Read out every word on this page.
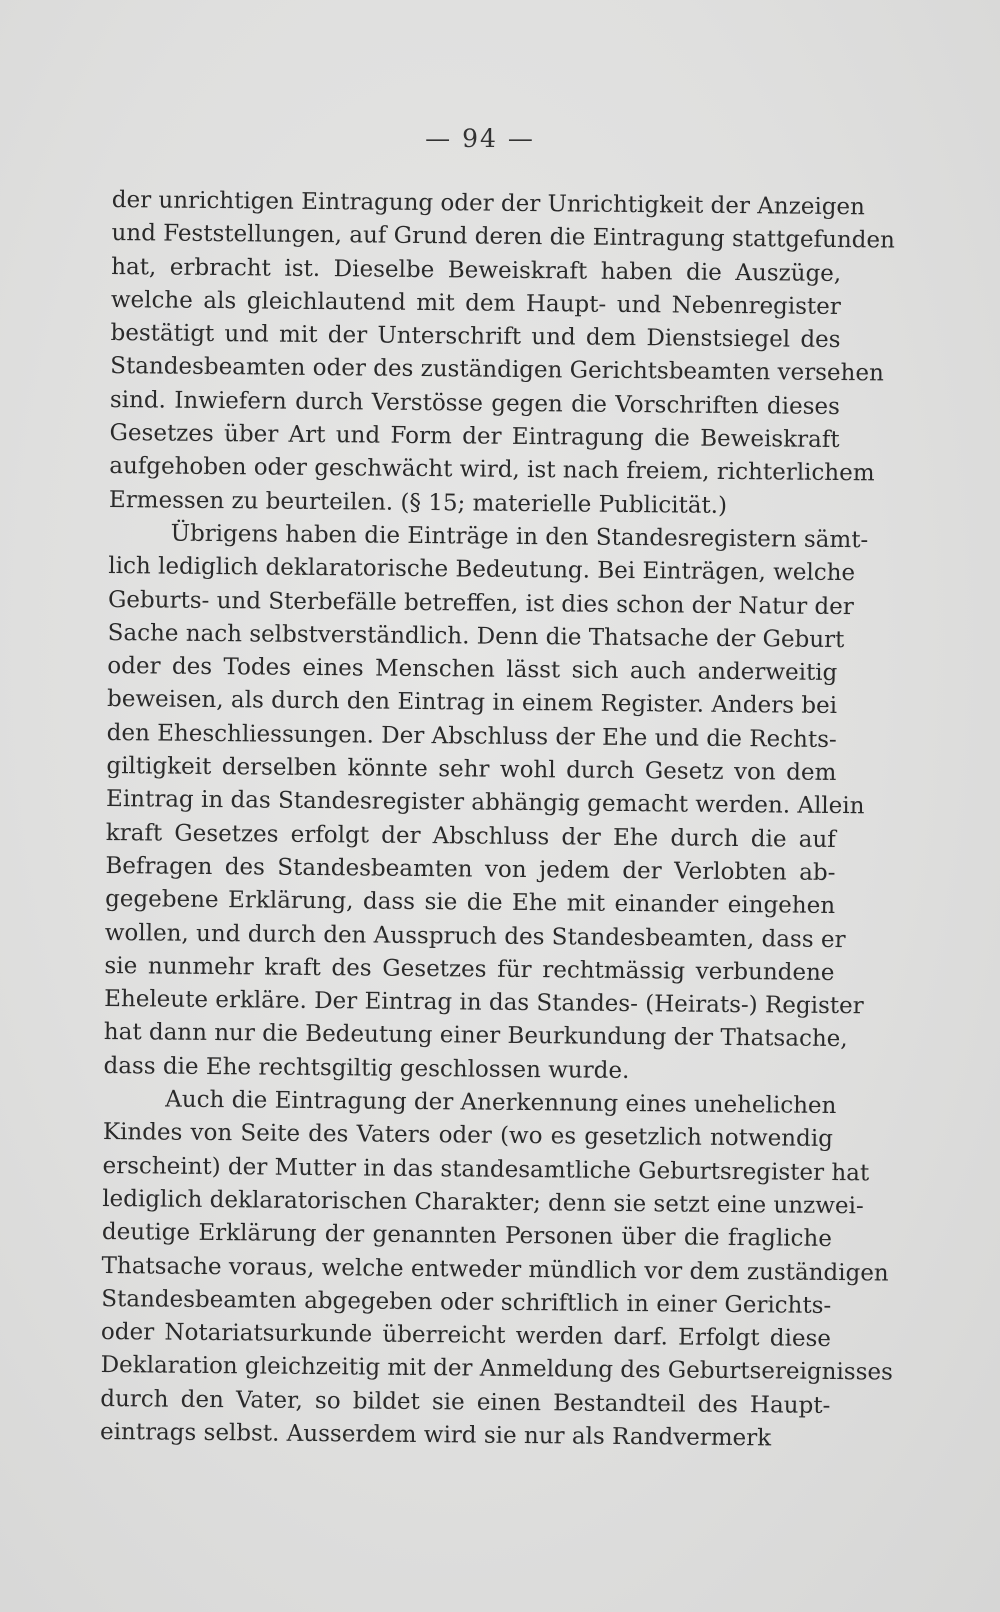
— 94 —
der unrichtigen Eintragung oder der Unrichtigkeit der Anzeigen
und Feststellungen, auf Grund deren die Eintragung stattgefunden
hat, erbracht ist. Dieselbe Beweiskraft haben die Auszüge,
welche als gleichlautend mit dem Haupt- und Nebenregister
bestätigt und mit der Unterschrift und dem Dienstsiegel des
Standesbeamten oder des zuständigen Gerichtsbeamten versehen
sind. Inwiefern durch Verstösse gegen die Vorschriften dieses
Gesetzes über Art und Form der Eintragung die Beweiskraft
aufgehoben oder geschwächt wird, ist nach freiem, richterlichem
Ermessen zu beurteilen. (§ 15; materielle Publicität.)
Übrigens haben die Einträge in den Standesregistern sämt-
lich lediglich deklaratorische Bedeutung. Bei Einträgen, welche
Geburts- und Sterbefälle betreffen, ist dies schon der Natur der
Sache nach selbstverständlich. Denn die Thatsache der Geburt
oder des Todes eines Menschen lässt sich auch anderweitig
beweisen, als durch den Eintrag in einem Register. Anders bei
den Eheschliessungen. Der Abschluss der Ehe und die Rechts-
giltigkeit derselben könnte sehr wohl durch Gesetz von dem
Eintrag in das Standesregister abhängig gemacht werden. Allein
kraft Gesetzes erfolgt der Abschluss der Ehe durch die auf
Befragen des Standesbeamten von jedem der Verlobten ab-
gegebene Erklärung, dass sie die Ehe mit einander eingehen
wollen, und durch den Ausspruch des Standesbeamten, dass er
sie nunmehr kraft des Gesetzes für rechtmässig verbundene
Eheleute erkläre. Der Eintrag in das Standes- (Heirats-) Register
hat dann nur die Bedeutung einer Beurkundung der Thatsache,
dass die Ehe rechtsgiltig geschlossen wurde.
Auch die Eintragung der Anerkennung eines unehelichen
Kindes von Seite des Vaters oder (wo es gesetzlich notwendig
erscheint) der Mutter in das standesamtliche Geburtsregister hat
lediglich deklaratorischen Charakter; denn sie setzt eine unzwei-
deutige Erklärung der genannten Personen über die fragliche
Thatsache voraus, welche entweder mündlich vor dem zuständigen
Standesbeamten abgegeben oder schriftlich in einer Gerichts-
oder Notariatsurkunde überreicht werden darf. Erfolgt diese
Deklaration gleichzeitig mit der Anmeldung des Geburtsereignisses
durch den Vater, so bildet sie einen Bestandteil des Haupt-
eintrags selbst. Ausserdem wird sie nur als Randvermerk
